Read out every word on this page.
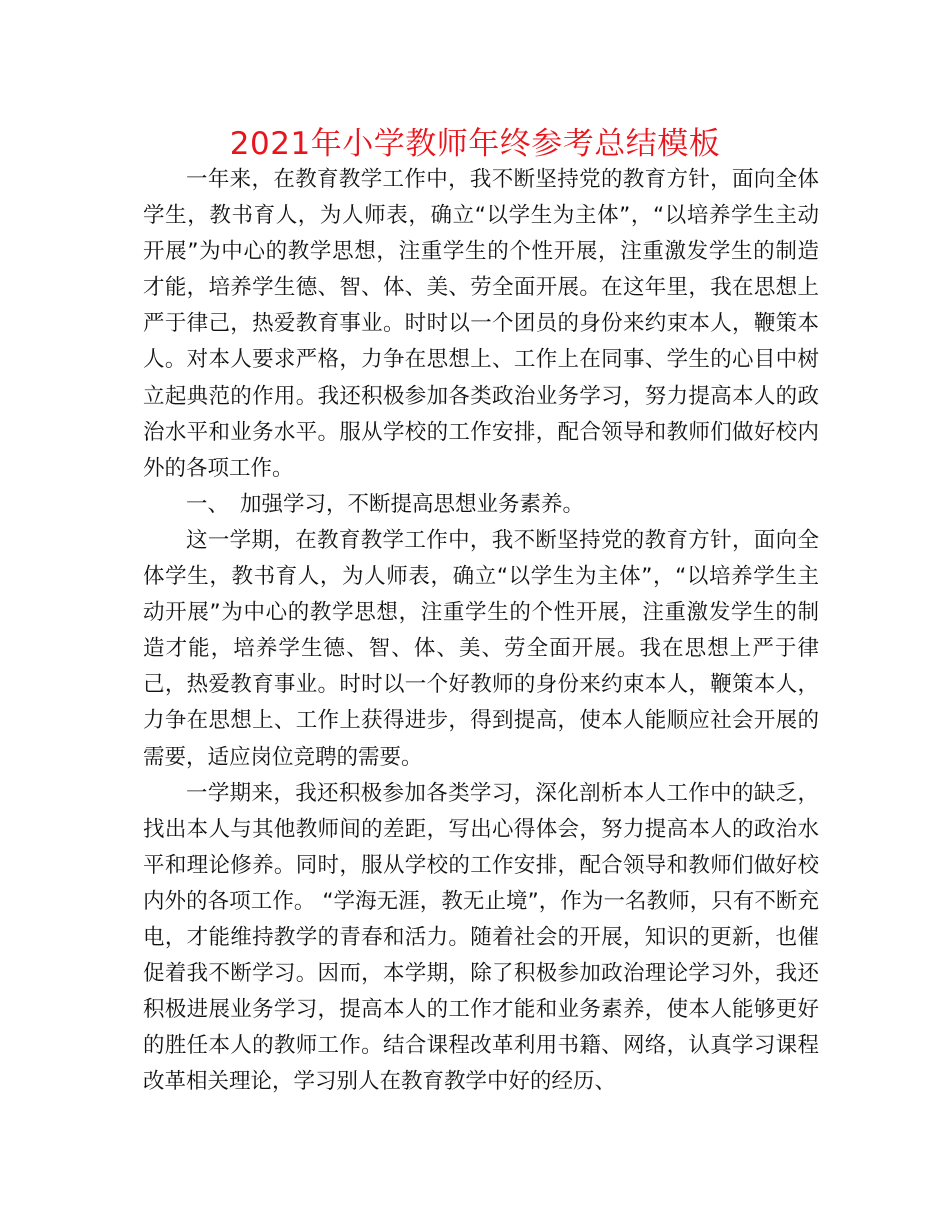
2021年小学教师年终参考总结模板

一年来，在教育教学工作中，我不断坚持党的教育方针，面向全体学生，教书育人，为人师表，确立“以学生为主体”，“以培养学生主动开展”为中心的教学思想，注重学生的个性开展，注重激发学生的制造才能，培养学生德、智、体、美、劳全面开展。在这年里，我在思想上严于律己，热爱教育事业。时时以一个团员的身份来约束本人，鞭策本人。对本人要求严格，力争在思想上、工作上在同事、学生的心目中树立起典范的作用。我还积极参加各类政治业务学习，努力提高本人的政治水平和业务水平。服从学校的工作安排，配合领导和教师们做好校内外的各项工作。

一、 加强学习，不断提高思想业务素养。

这一学期，在教育教学工作中，我不断坚持党的教育方针，面向全体学生，教书育人，为人师表，确立“以学生为主体”，“以培养学生主动开展”为中心的教学思想，注重学生的个性开展，注重激发学生的制造才能，培养学生德、智、体、美、劳全面开展。我在思想上严于律己，热爱教育事业。时时以一个好教师的身份来约束本人，鞭策本人，力争在思想上、工作上获得进步，得到提高，使本人能顺应社会开展的需要，适应岗位竞聘的需要。

一学期来，我还积极参加各类学习，深化剖析本人工作中的缺乏，找出本人与其他教师间的差距，写出心得体会，努力提高本人的政治水平和理论修养。同时，服从学校的工作安排，配合领导和教师们做好校内外的各项工作。 “学海无涯，教无止境”，作为一名教师，只有不断充电，才能维持教学的青春和活力。随着社会的开展，知识的更新，也催促着我不断学习。因而，本学期，除了积极参加政治理论学习外，我还积极进展业务学习，提高本人的工作才能和业务素养，使本人能够更好的胜任本人的教师工作。结合课程改革利用书籍、网络，认真学习课程改革相关理论，学习别人在教育教学中好的经历、
